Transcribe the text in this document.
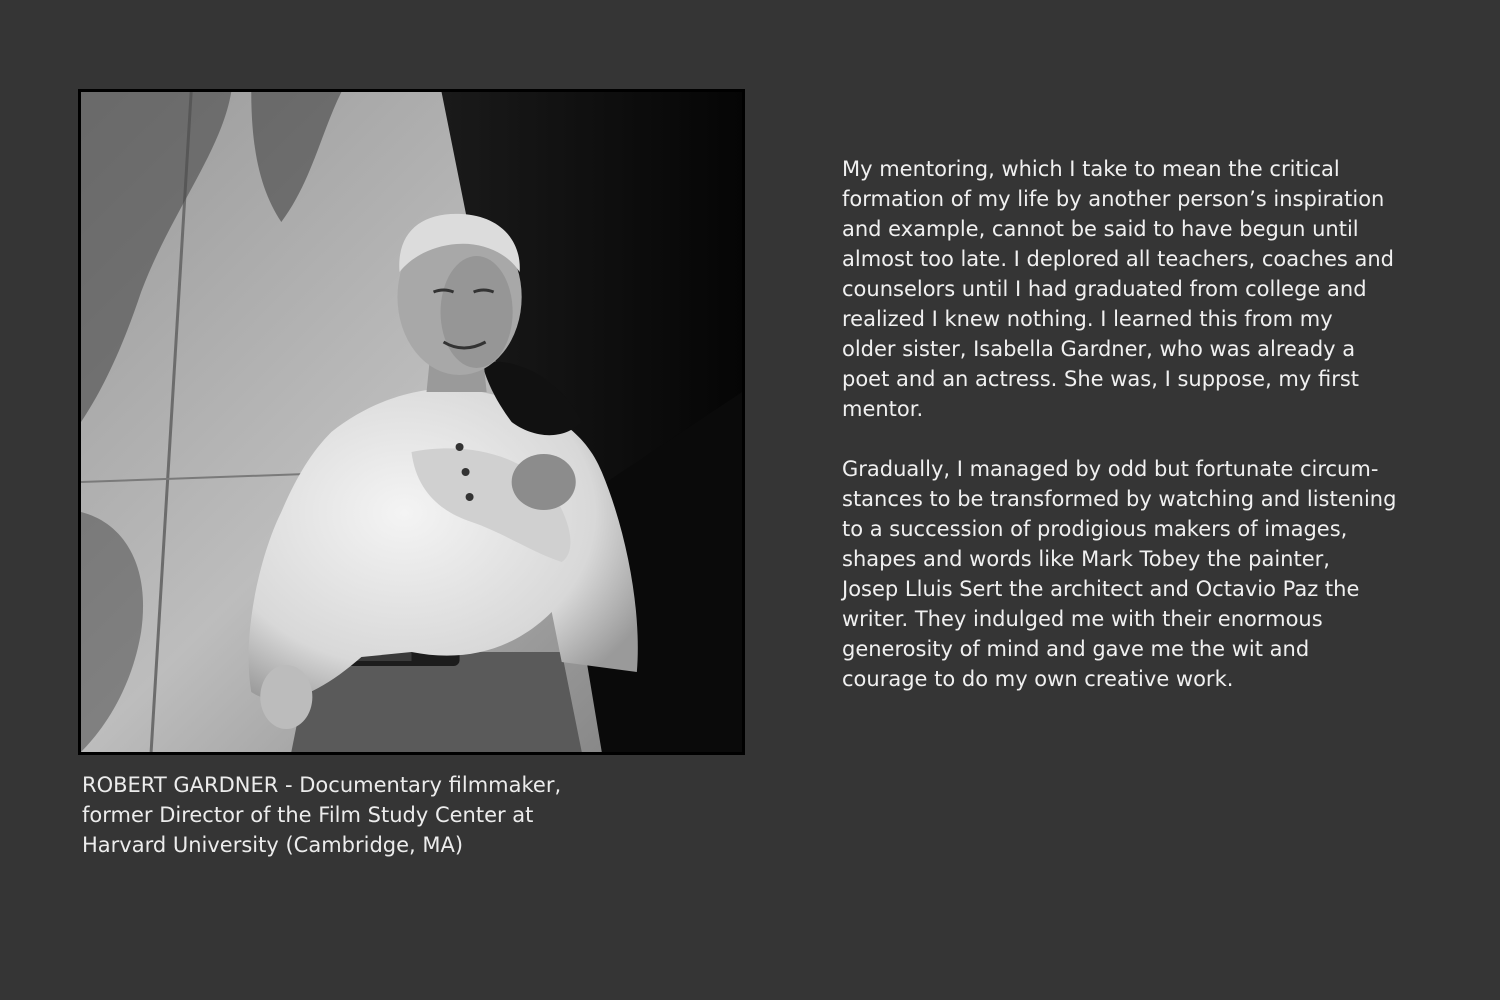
ROBERT GARDNER - Documentary filmmaker,
former Director of the Film Study Center at
Harvard University (Cambridge, MA)

My mentoring, which I take to mean the critical
formation of my life by another person’s inspiration
and example, cannot be said to have begun until
almost too late. I deplored all teachers, coaches and
counselors until I had graduated from college and
realized I knew nothing. I learned this from my
older sister, Isabella Gardner, who was already a
poet and an actress. She was, I suppose, my first
mentor.

Gradually, I managed by odd but fortunate circum-
stances to be transformed by watching and listening
to a succession of prodigious makers of images,
shapes and words like Mark Tobey the painter,
Josep Lluis Sert the architect and Octavio Paz the
writer. They indulged me with their enormous
generosity of mind and gave me the wit and
courage to do my own creative work.
